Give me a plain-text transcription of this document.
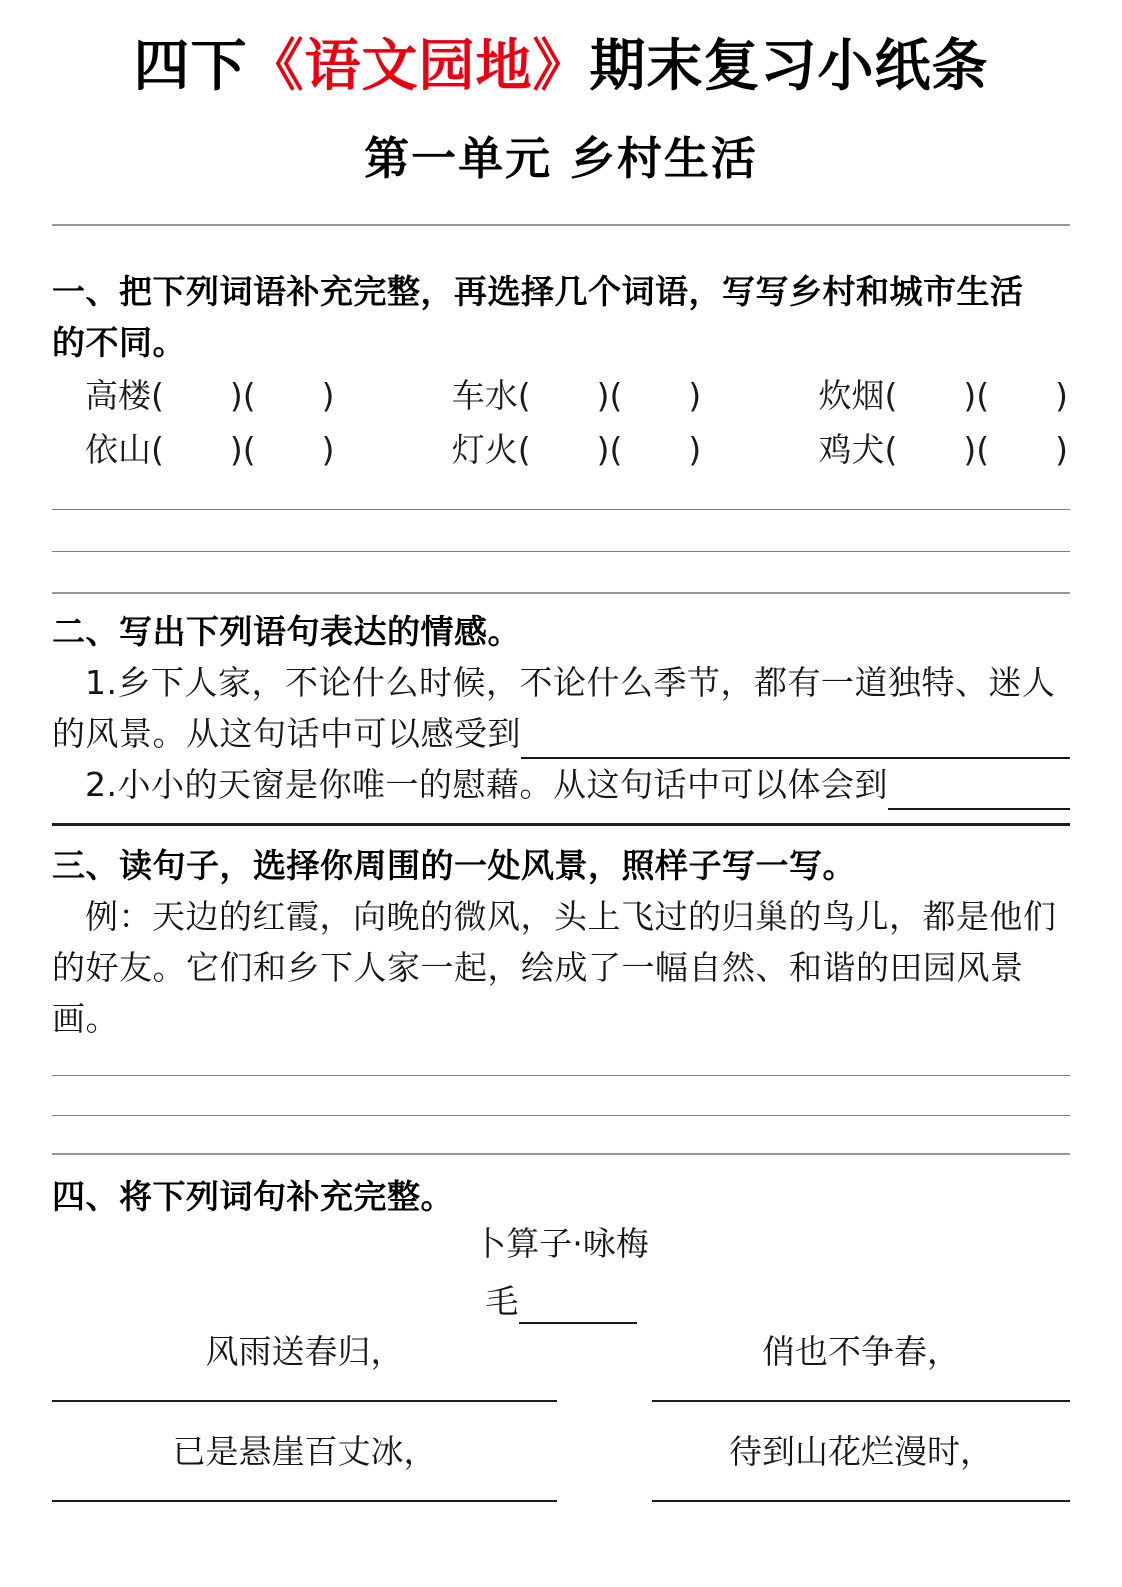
四下《语文园地》期末复习小纸条
第一单元 乡村生活
一、把下列词语补充完整，再选择几个词语，写写乡村和城市生活
的不同。
高楼(　　)(　　)	车水(　　)(　　)	炊烟(　　)(　　)
依山(　　)(　　)	灯火(　　)(　　)	鸡犬(　　)(　　)
二、写出下列语句表达的情感。
1.乡下人家，不论什么时候，不论什么季节，都有一道独特、迷人
的风景。从这句话中可以感受到
2.小小的天窗是你唯一的慰藉。从这句话中可以体会到
三、读句子，选择你周围的一处风景，照样子写一写。
例：天边的红霞，向晚的微风，头上飞过的归巢的鸟儿，都是他们
的好友。它们和乡下人家一起，绘成了一幅自然、和谐的田园风景画。
四、将下列词句补充完整。
卜算子·咏梅
毛
风雨送春归，	俏也不争春，
已是悬崖百丈冰，	待到山花烂漫时，
